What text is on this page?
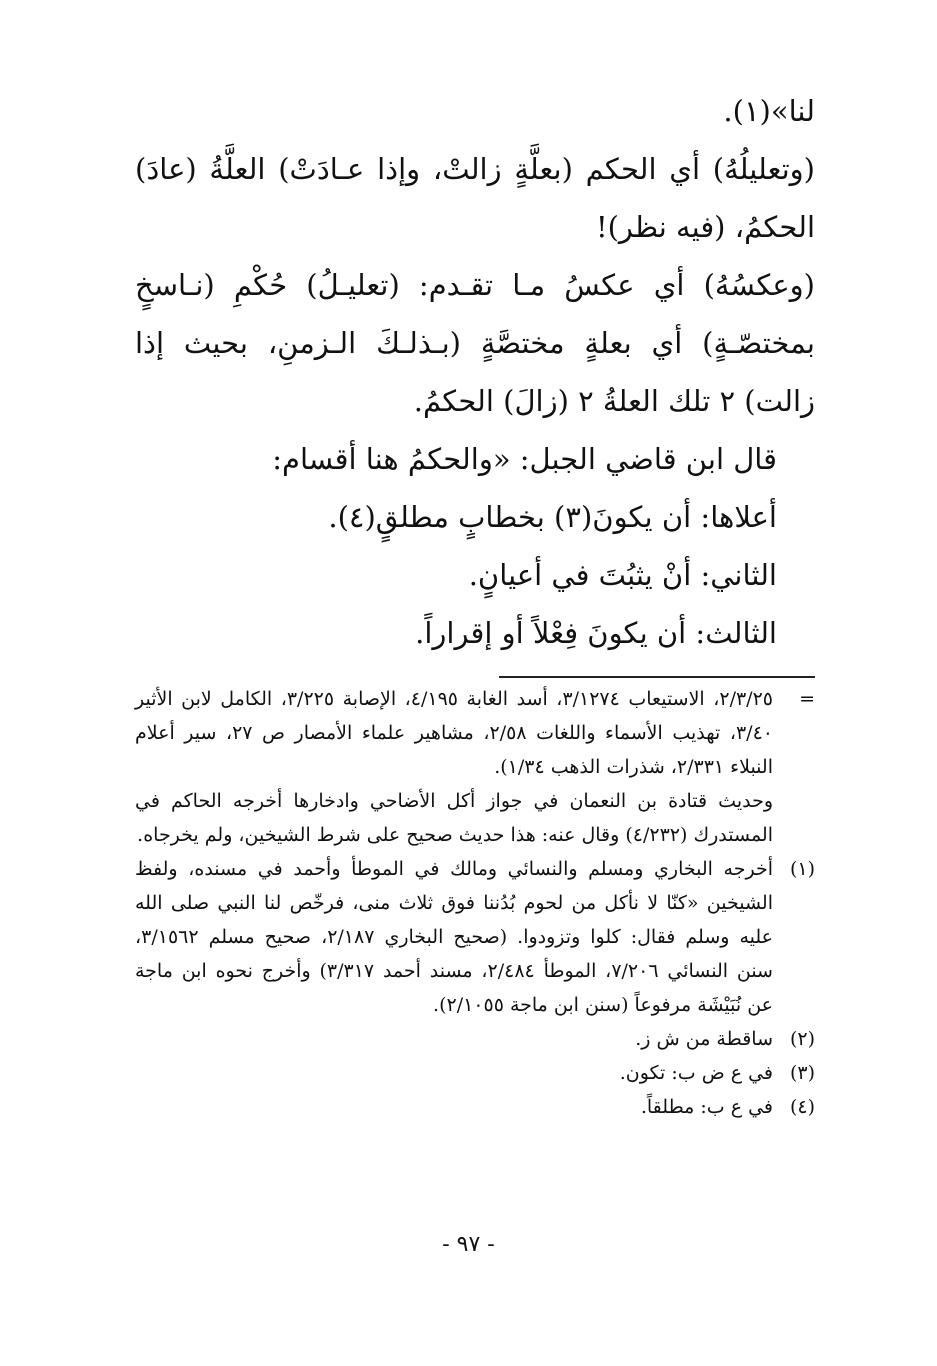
لنا»(١).

(وتعليلُهُ) أي الحكم (بعلَّةٍ زالتْ، وإذا عـادَتْ) العلَّةُ (عادَ) الحكمُ، (فيه نظر)!

(وعكسُهُ) أي عكسُ مـا تقـدم: (تعليـلُ) حُكْمِ (نـاسخٍ بمختصّـةٍ) أي بعلةٍ مختصَّةٍ (بـذلـكَ الـزمنِ، بحيث إذا زالت) ٢ تلك العلةُ ٢ (زالَ) الحكمُ.

قال ابن قاضي الجبل: «والحكمُ هنا أقسام:

أعلاها: أن يكونَ(٣) بخطابٍ مطلقٍ(٤).

الثاني: أنْ يثبُتَ في أعيانٍ.

الثالث: أن يكونَ فِعْلاً أو إقراراً.

=
٢/٣/٢٥، الاستيعاب ٣/١٢٧٤، أسد الغابة ٤/١٩٥، الإصابة ٣/٢٢٥، الكامل لابن الأثير ٣/٤٠، تهذيب الأسماء واللغات ٢/٥٨، مشاهير علماء الأمصار ص ٢٧، سير أعلام النبلاء ٢/٣٣١، شذرات الذهب ١/٣٤).

وحديث قتادة بن النعمان في جواز أكل الأضاحي وادخارها أخرجه الحاكم في المستدرك (٤/٢٣٢) وقال عنه: هذا حديث صحيح على شرط الشيخين، ولم يخرجاه.

(١)
أخرجه البخاري ومسلم والنسائي ومالك في الموطأ وأحمد في مسنده، ولفظ الشيخين «كنّا لا نأكل من لحوم بُدُننا فوق ثلاث منى، فرخّص لنا النبي صلى الله عليه وسلم فقال: كلوا وتزودوا. (صحيح البخاري ٢/١٨٧، صحيح مسلم ٣/١٥٦٢، سنن النسائي ٧/٢٠٦، الموطأ ٢/٤٨٤، مسند أحمد ٣/٣١٧) وأخرج نحوه ابن ماجة عن نُبَيْشَة مرفوعاً (سنن ابن ماجة ٢/١٠٥٥).
(٢)
ساقطة من ش ز.
(٣)
في ع ض ب: تكون.
(٤)
في ع ب: مطلقاً.
- ٩٧ -
